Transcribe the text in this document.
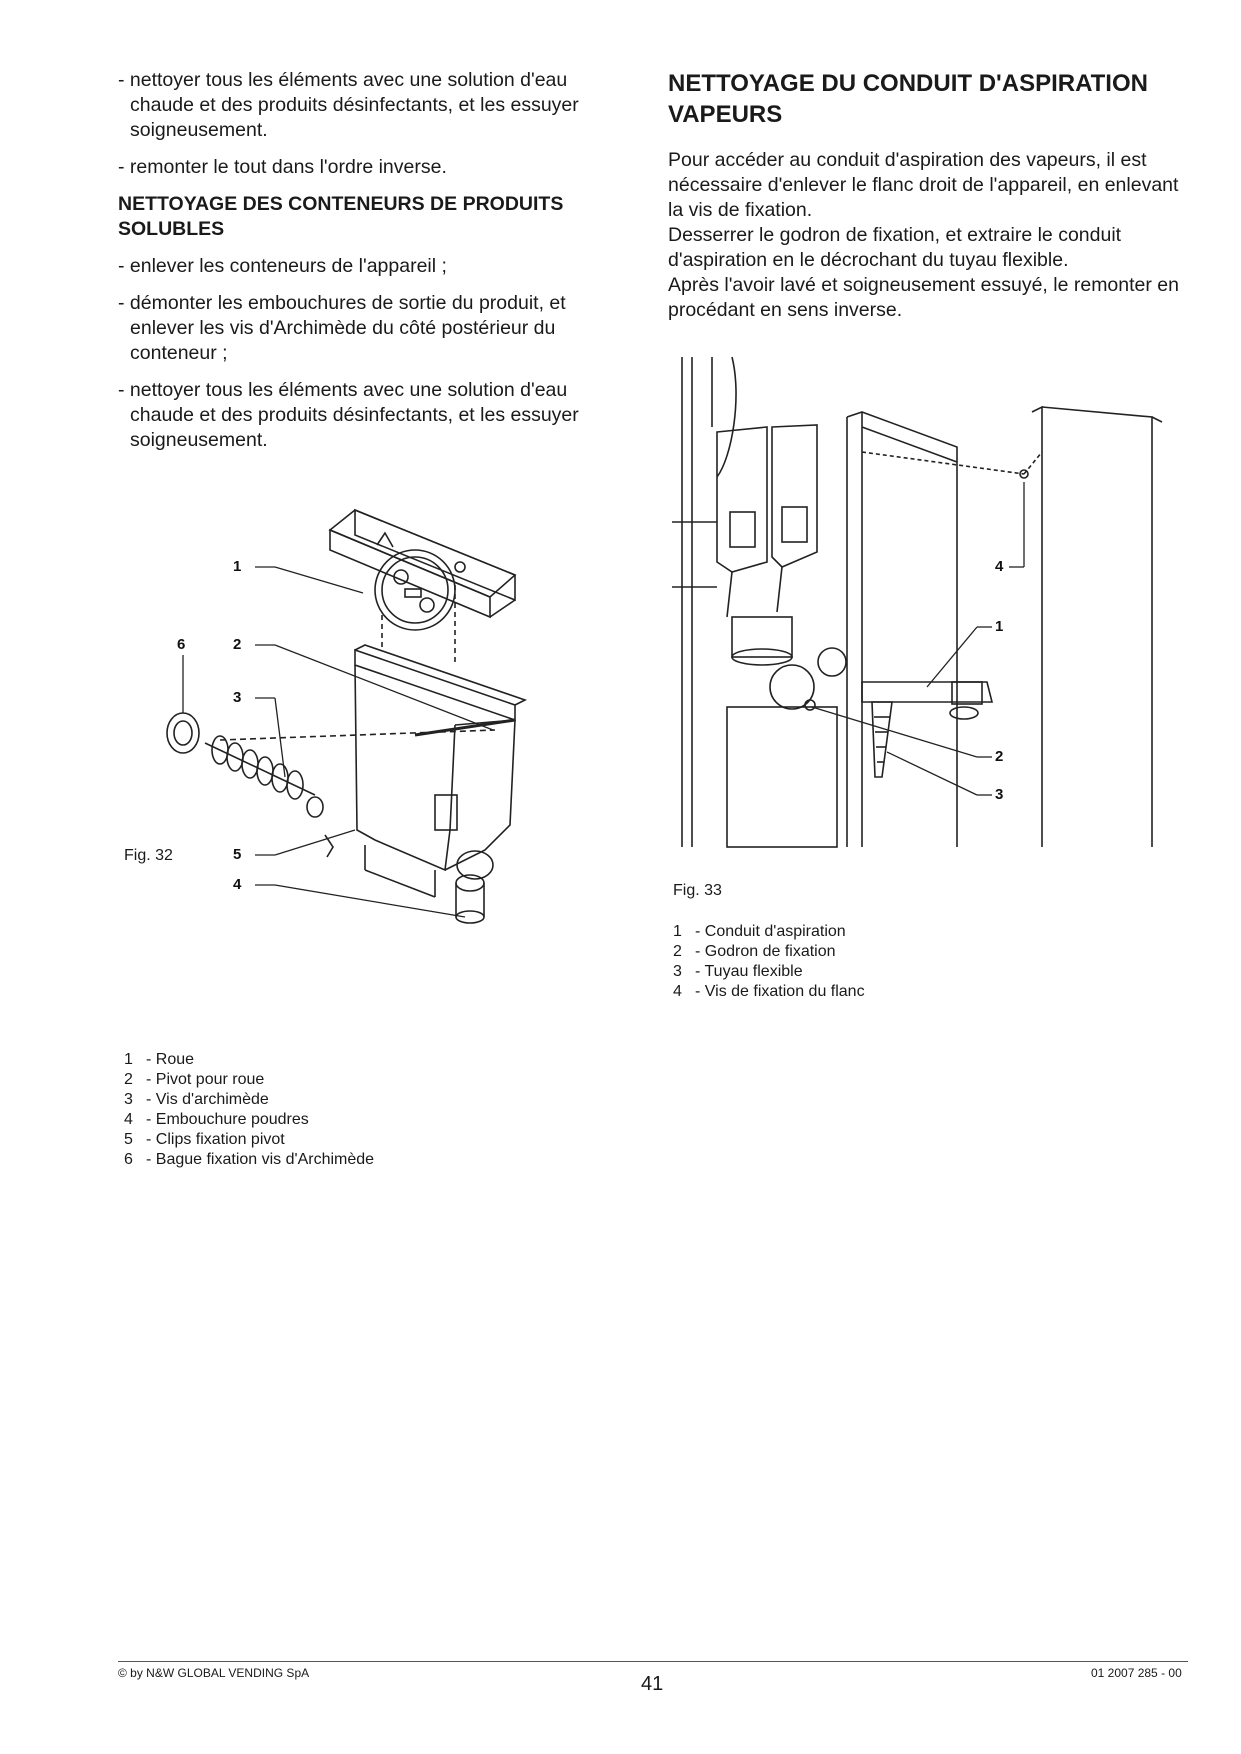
- nettoyer tous les éléments avec une solution d'eau chaude et des produits désinfectants, et les essuyer soigneusement.

- remonter le tout dans l'ordre inverse.

NETTOYAGE DES CONTENEURS DE PRODUITS SOLUBLES

- enlever les conteneurs de l'appareil ;

- démonter les embouchures de sortie du produit, et enlever les vis d'Archimède du côté postérieur du conteneur ;

- nettoyer tous les éléments avec une solution d'eau chaude et des produits désinfectants, et les essuyer soigneusement.

NETTOYAGE DU CONDUIT D'ASPIRATION VAPEURS

Pour accéder au conduit d'aspiration des vapeurs, il est nécessaire d'enlever le flanc droit de l'appareil, en enlevant la vis de fixation.

Desserrer le godron de fixation, et extraire le conduit d'aspiration en le décrochant du tuyau flexible.

Après l'avoir lavé et soigneusement essuyé, le remonter en procédant en sens inverse.

1
2
3
4
5
6
Fig. 32
1 - Roue
2 - Pivot pour roue
3 - Vis d'archimède
4 - Embouchure poudres
5 - Clips fixation pivot
6 - Bague fixation vis d'Archimède
4
1
2
3
Fig. 33
1 - Conduit d'aspiration
2 - Godron de fixation
3 - Tuyau flexible
4 - Vis de fixation du flanc
© by N&W GLOBAL VENDING SpA	41	01 2007 285 - 00
